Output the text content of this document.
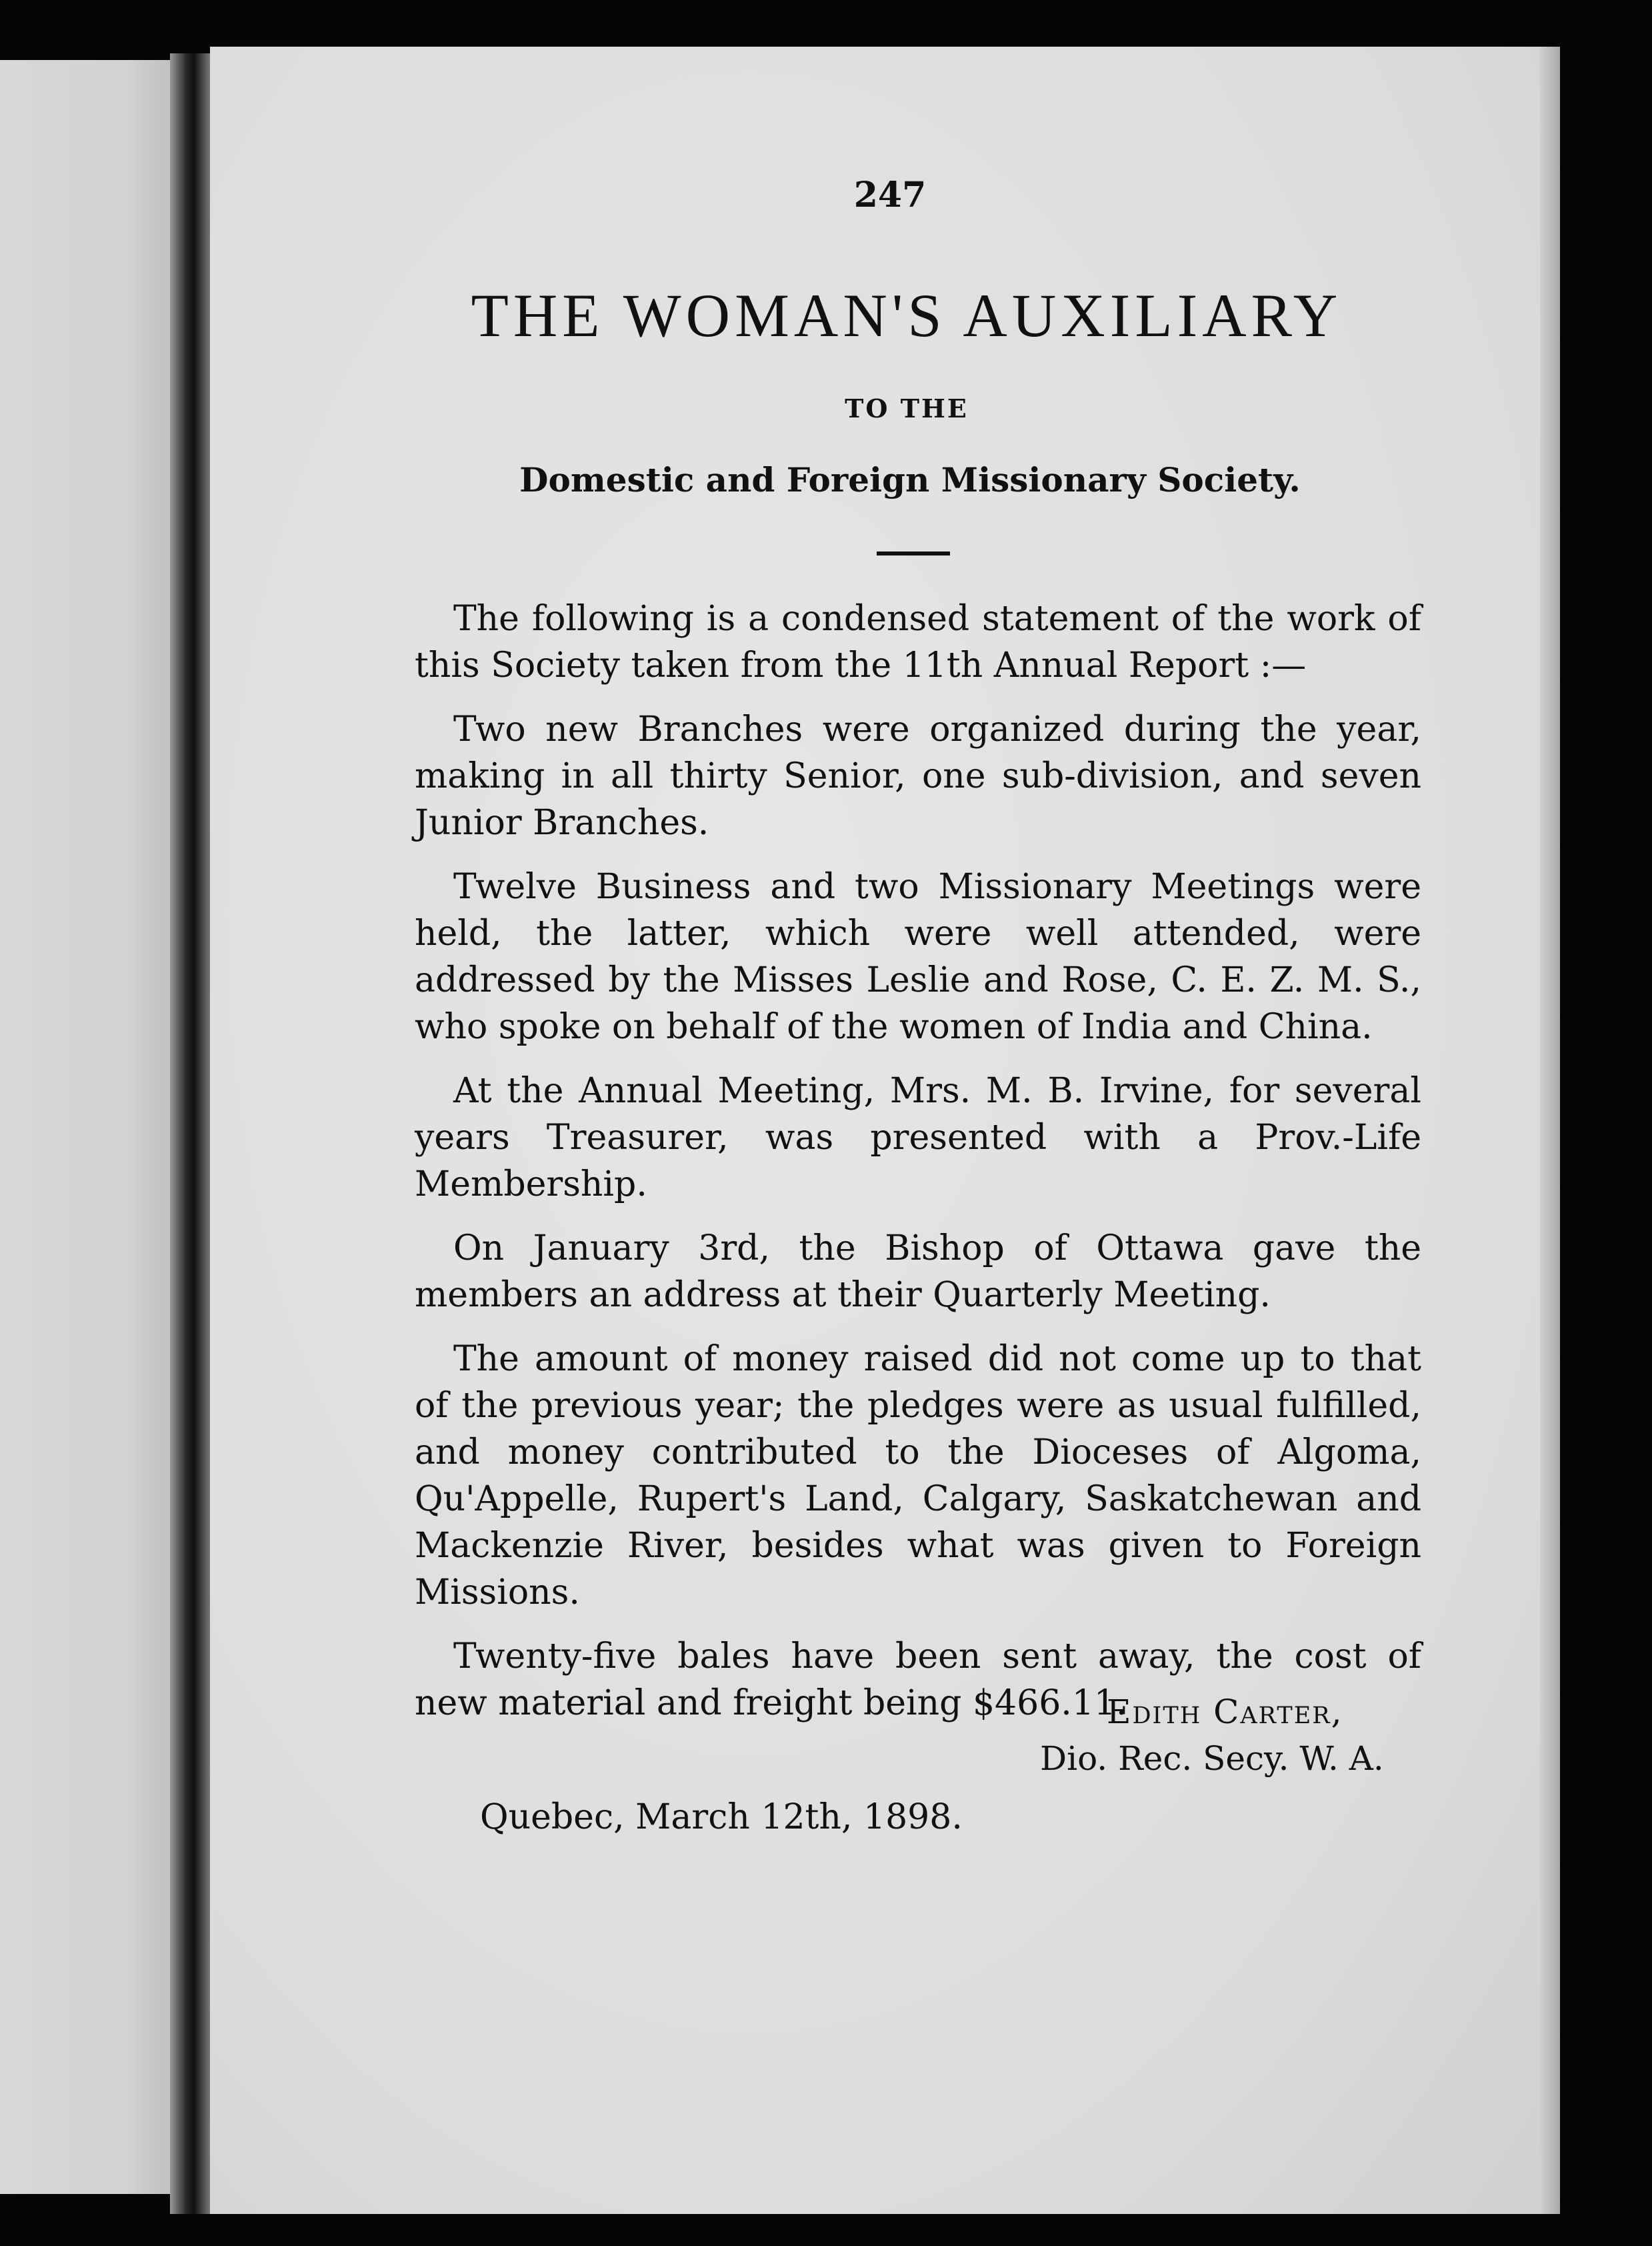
247
THE WOMAN'S AUXILIARY
TO THE
Domestic and Foreign Missionary Society.

The following is a condensed statement of the work of this Society taken from the 11th Annual Report :—

Two new Branches were organized during the year, making in all thirty Senior, one sub-division, and seven Junior Branches.

Twelve Business and two Missionary Meetings were held, the latter, which were well attended, were addressed by the Misses Leslie and Rose, C. E. Z. M. S., who spoke on behalf of the women of India and China.

At the Annual Meeting, Mrs. M. B. Irvine, for several years Treasurer, was presented with a Prov.-Life Membership.

On January 3rd, the Bishop of Ottawa gave the members an address at their Quarterly Meeting.

The amount of money raised did not come up to that of the previous year; the pledges were as usual fulfilled, and money contributed to the Dioceses of Algoma, Qu'Appelle, Rupert's Land, Calgary, Saskatchewan and Mackenzie River, besides what was given to Foreign Missions.

Twenty-five bales have been sent away, the cost of new material and freight being $466.11.

Edith Carter,
Dio. Rec. Secy. W. A.
Quebec, March 12th, 1898.
